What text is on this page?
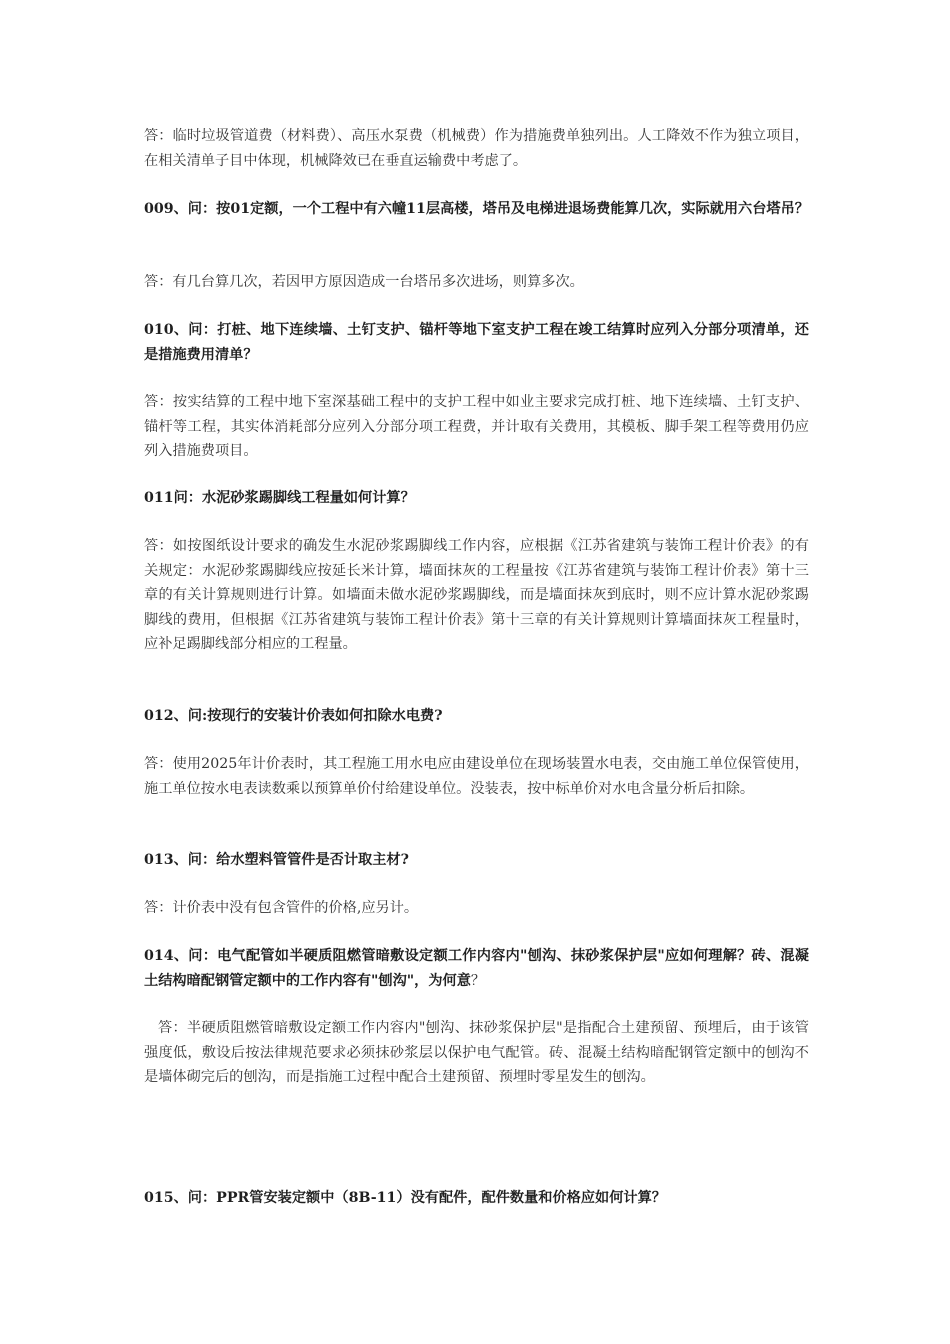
答：临时垃圾管道费（材料费）、高压水泵费（机械费）作为措施费单独列出。人工降效不作为独立项目，在相关清单子目中体现，机械降效已在垂直运输费中考虑了。

009、问：按01定额，一个工程中有六幢11层高楼，塔吊及电梯进退场费能算几次，实际就用六台塔吊？

答：有几台算几次，若因甲方原因造成一台塔吊多次进场，则算多次。

010、问：打桩、地下连续墙、土钉支护、锚杆等地下室支护工程在竣工结算时应列入分部分项清单，还是措施费用清单？

答：按实结算的工程中地下室深基础工程中的支护工程中如业主要求完成打桩、地下连续墙、土钉支护、锚杆等工程，其实体消耗部分应列入分部分项工程费，并计取有关费用，其模板、脚手架工程等费用仍应列入措施费项目。

011问：水泥砂浆踢脚线工程量如何计算？

答：如按图纸设计要求的确发生水泥砂浆踢脚线工作内容，应根据《江苏省建筑与装饰工程计价表》的有关规定：水泥砂浆踢脚线应按延长米计算，墙面抹灰的工程量按《江苏省建筑与装饰工程计价表》第十三章的有关计算规则进行计算。如墙面未做水泥砂浆踢脚线，而是墙面抹灰到底时，则不应计算水泥砂浆踢脚线的费用，但根据《江苏省建筑与装饰工程计价表》第十三章的有关计算规则计算墙面抹灰工程量时，应补足踢脚线部分相应的工程量。

012、问:按现行的安装计价表如何扣除水电费?

答：使用2025年计价表时，其工程施工用水电应由建设单位在现场装置水电表，交由施工单位保管使用，施工单位按水电表读数乘以预算单价付给建设单位。没装表，按中标单价对水电含量分析后扣除。

013、问：给水塑料管管件是否计取主材?

答：计价表中没有包含管件的价格,应另计。

014、问：电气配管如半硬质阻燃管暗敷设定额工作内容内"刨沟、抹砂浆保护层"应如何理解？砖、混凝土结构暗配钢管定额中的工作内容有"刨沟"，为何意？

答：半硬质阻燃管暗敷设定额工作内容内"刨沟、抹砂浆保护层"是指配合土建预留、预埋后，由于该管强度低，敷设后按法律规范要求必须抹砂浆层以保护电气配管。砖、混凝土结构暗配钢管定额中的刨沟不是墙体砌完后的刨沟，而是指施工过程中配合土建预留、预埋时零星发生的刨沟。

015、问：PPR管安装定额中（8B-11）没有配件，配件数量和价格应如何计算？
